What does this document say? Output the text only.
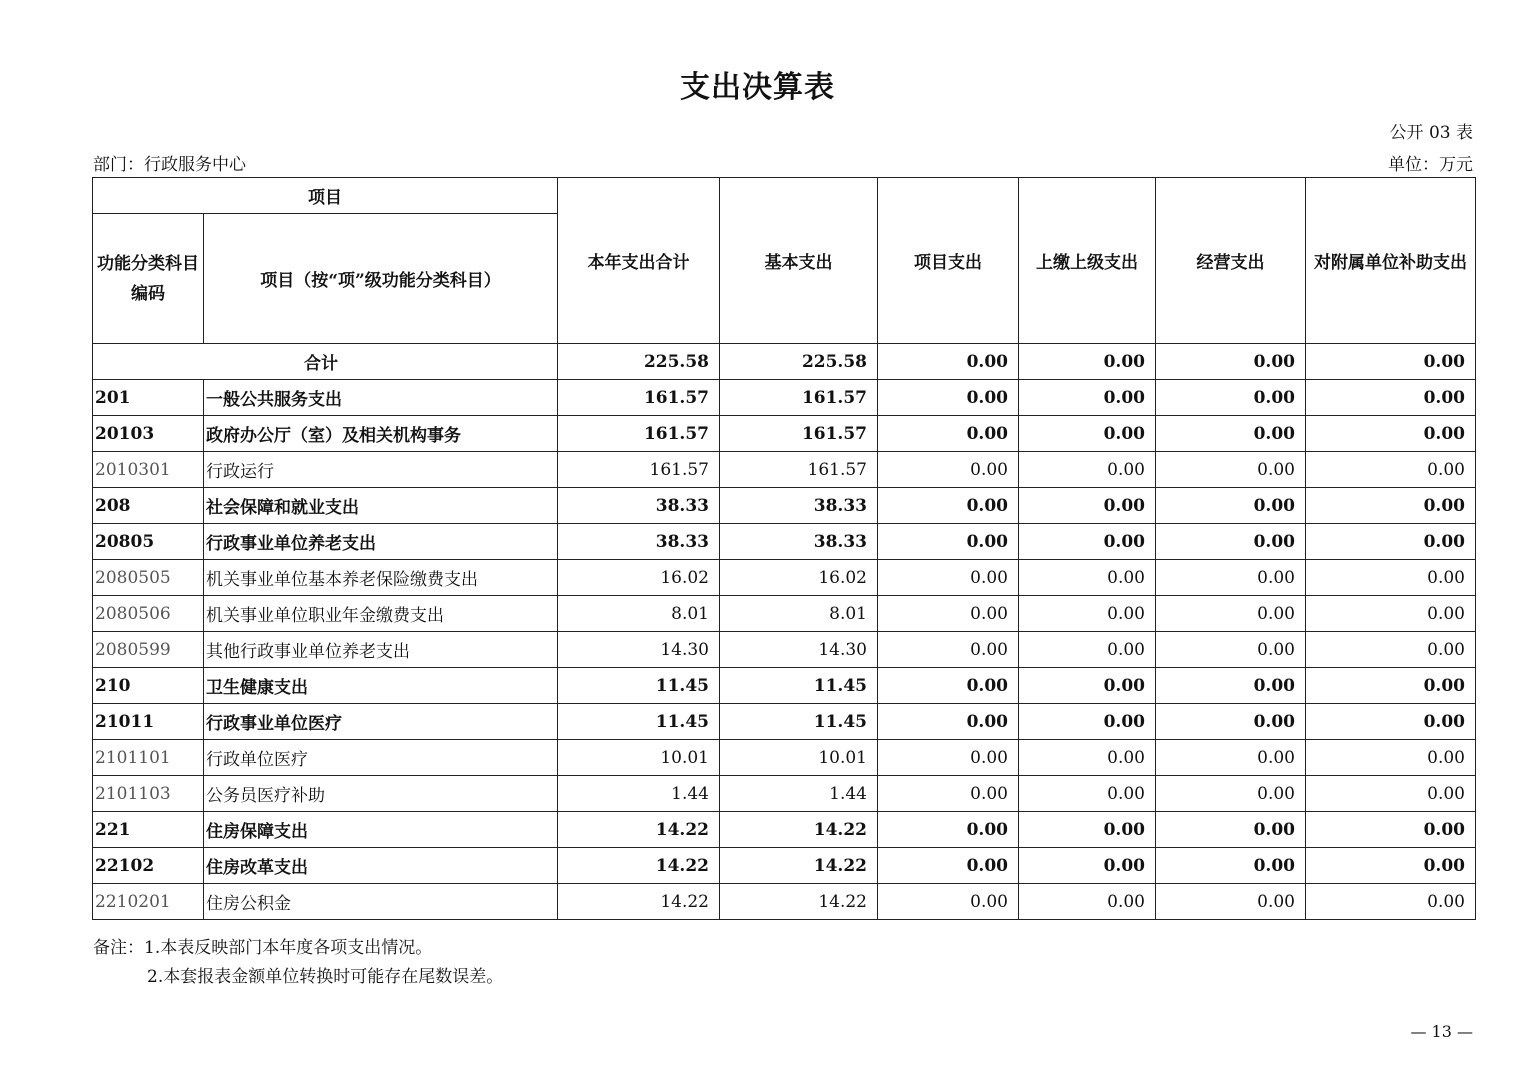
支出决算表
公开 03 表
部门：行政服务中心	单位：万元
项目		本年支出合计	基本支出	项目支出	上缴上级支出	经营支出	对附属单位补助支出
功能分类科目编码	项目（按“项”级功能分类科目）						
合计		225.58	225.58	0.00	0.00	0.00	0.00
201	一般公共服务支出	161.57	161.57	0.00	0.00	0.00	0.00
20103	政府办公厅（室）及相关机构事务	161.57	161.57	0.00	0.00	0.00	0.00
2010301	行政运行	161.57	161.57	0.00	0.00	0.00	0.00
208	社会保障和就业支出	38.33	38.33	0.00	0.00	0.00	0.00
20805	行政事业单位养老支出	38.33	38.33	0.00	0.00	0.00	0.00
2080505	机关事业单位基本养老保险缴费支出	16.02	16.02	0.00	0.00	0.00	0.00
2080506	机关事业单位职业年金缴费支出	8.01	8.01	0.00	0.00	0.00	0.00
2080599	其他行政事业单位养老支出	14.30	14.30	0.00	0.00	0.00	0.00
210	卫生健康支出	11.45	11.45	0.00	0.00	0.00	0.00
21011	行政事业单位医疗	11.45	11.45	0.00	0.00	0.00	0.00
2101101	行政单位医疗	10.01	10.01	0.00	0.00	0.00	0.00
2101103	公务员医疗补助	1.44	1.44	0.00	0.00	0.00	0.00
221	住房保障支出	14.22	14.22	0.00	0.00	0.00	0.00
22102	住房改革支出	14.22	14.22	0.00	0.00	0.00	0.00
2210201	住房公积金	14.22	14.22	0.00	0.00	0.00	0.00
备注：1.本表反映部门本年度各项支出情况。
2.本套报表金额单位转换时可能存在尾数误差。
— 13 —
